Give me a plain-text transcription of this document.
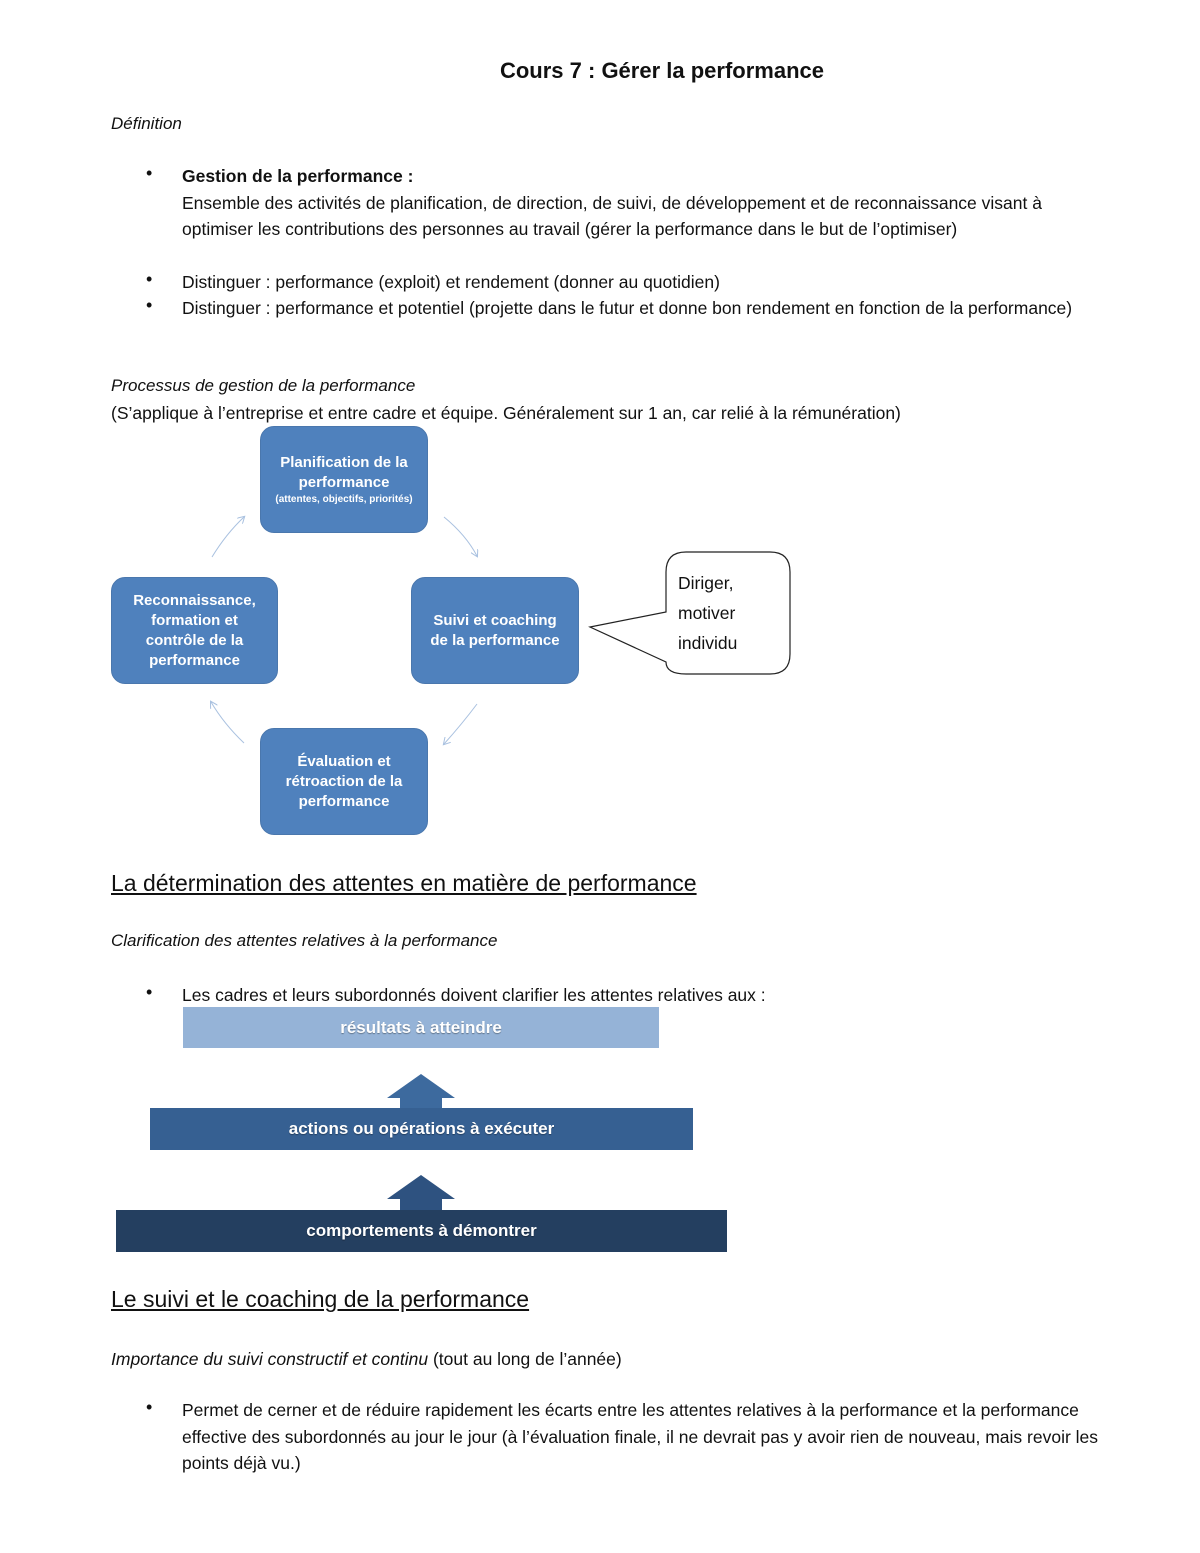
Cours 7 : Gérer la performance
Définition
• Gestion de la performance :
Ensemble des activités de planification, de direction, de suivi, de développement et de reconnaissance visant à optimiser les contributions des personnes au travail (gérer la performance dans le but de l’optimiser)
• Distinguer : performance (exploit) et rendement (donner au quotidien)
• Distinguer : performance et potentiel (projette dans le futur et donne bon rendement en fonction de la performance)
Processus de gestion de la performance
(S’applique à l’entreprise et entre cadre et équipe. Généralement sur 1 an, car relié à la rémunération)
Planification de la
performance
(attentes, objectifs, priorités)
Suivi et coaching de la performance
Évaluation et rétroaction de la performance
Reconnaissance, formation et contrôle de la performance
Diriger,
motiver
individu
La détermination des attentes en matière de performance
Clarification des attentes relatives à la performance
• Les cadres et leurs subordonnés doivent clarifier les attentes relatives aux :
résultats à atteindre
actions ou opérations à exécuter
comportements à démontrer
Le suivi et le coaching de la performance
Importance du suivi constructif et continu (tout au long de l’année)
• Permet de cerner et de réduire rapidement les écarts entre les attentes relatives à la performance et la performance effective des subordonnés au jour le jour (à l’évaluation finale, il ne devrait pas y avoir rien de nouveau, mais revoir les points déjà vu.)
